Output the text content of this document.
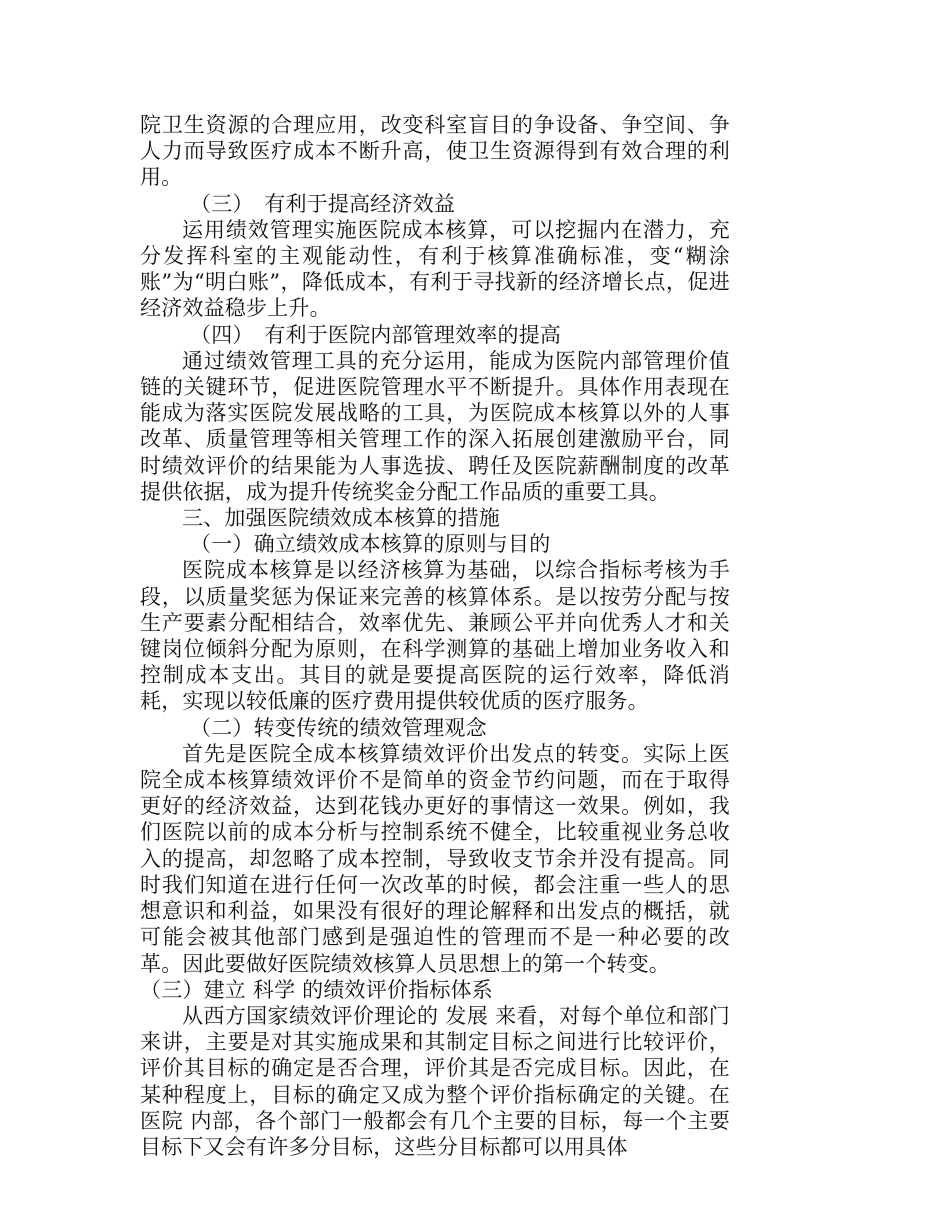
院卫生资源的合理应用，改变科室盲目的争设备、争空间、争人力而导致医疗成本不断升高，使卫生资源得到有效合理的利用。

（三）　有利于提高经济效益

运用绩效管理实施医院成本核算，可以挖掘内在潜力，充分发挥科室的主观能动性，有利于核算准确标准，变“糊涂账”为“明白账”，降低成本，有利于寻找新的经济增长点，促进经济效益稳步上升。

（四）　有利于医院内部管理效率的提高

通过绩效管理工具的充分运用，能成为医院内部管理价值链的关键环节，促进医院管理水平不断提升。具体作用表现在能成为落实医院发展战略的工具，为医院成本核算以外的人事改革、质量管理等相关管理工作的深入拓展创建激励平台，同时绩效评价的结果能为人事选拔、聘任及医院薪酬制度的改革提供依据，成为提升传统奖金分配工作品质的重要工具。

三、加强医院绩效成本核算的措施

（一）确立绩效成本核算的原则与目的

医院成本核算是以经济核算为基础，以综合指标考核为手段，以质量奖惩为保证来完善的核算体系。是以按劳分配与按生产要素分配相结合，效率优先、兼顾公平并向优秀人才和关键岗位倾斜分配为原则，在科学测算的基础上增加业务收入和控制成本支出。其目的就是要提高医院的运行效率，降低消耗，实现以较低廉的医疗费用提供较优质的医疗服务。

（二）转变传统的绩效管理观念

首先是医院全成本核算绩效评价出发点的转变。实际上医院全成本核算绩效评价不是简单的资金节约问题，而在于取得更好的经济效益，达到花钱办更好的事情这一效果。例如，我们医院以前的成本分析与控制系统不健全，比较重视业务总收入的提高，却忽略了成本控制，导致收支节余并没有提高。同时我们知道在进行任何一次改革的时候，都会注重一些人的思想意识和利益，如果没有很好的理论解释和出发点的概括，就可能会被其他部门感到是强迫性的管理而不是一种必要的改革。因此要做好医院绩效核算人员思想上的第一个转变。

（三）建立 科学 的绩效评价指标体系

从西方国家绩效评价理论的 发展 来看，对每个单位和部门来讲，主要是对其实施成果和其制定目标之间进行比较评价，评价其目标的确定是否合理，评价其是否完成目标。因此，在某种程度上，目标的确定又成为整个评价指标确定的关键。在 医院 内部，各个部门一般都会有几个主要的目标，每一个主要目标下又会有许多分目标，这些分目标都可以用具体
